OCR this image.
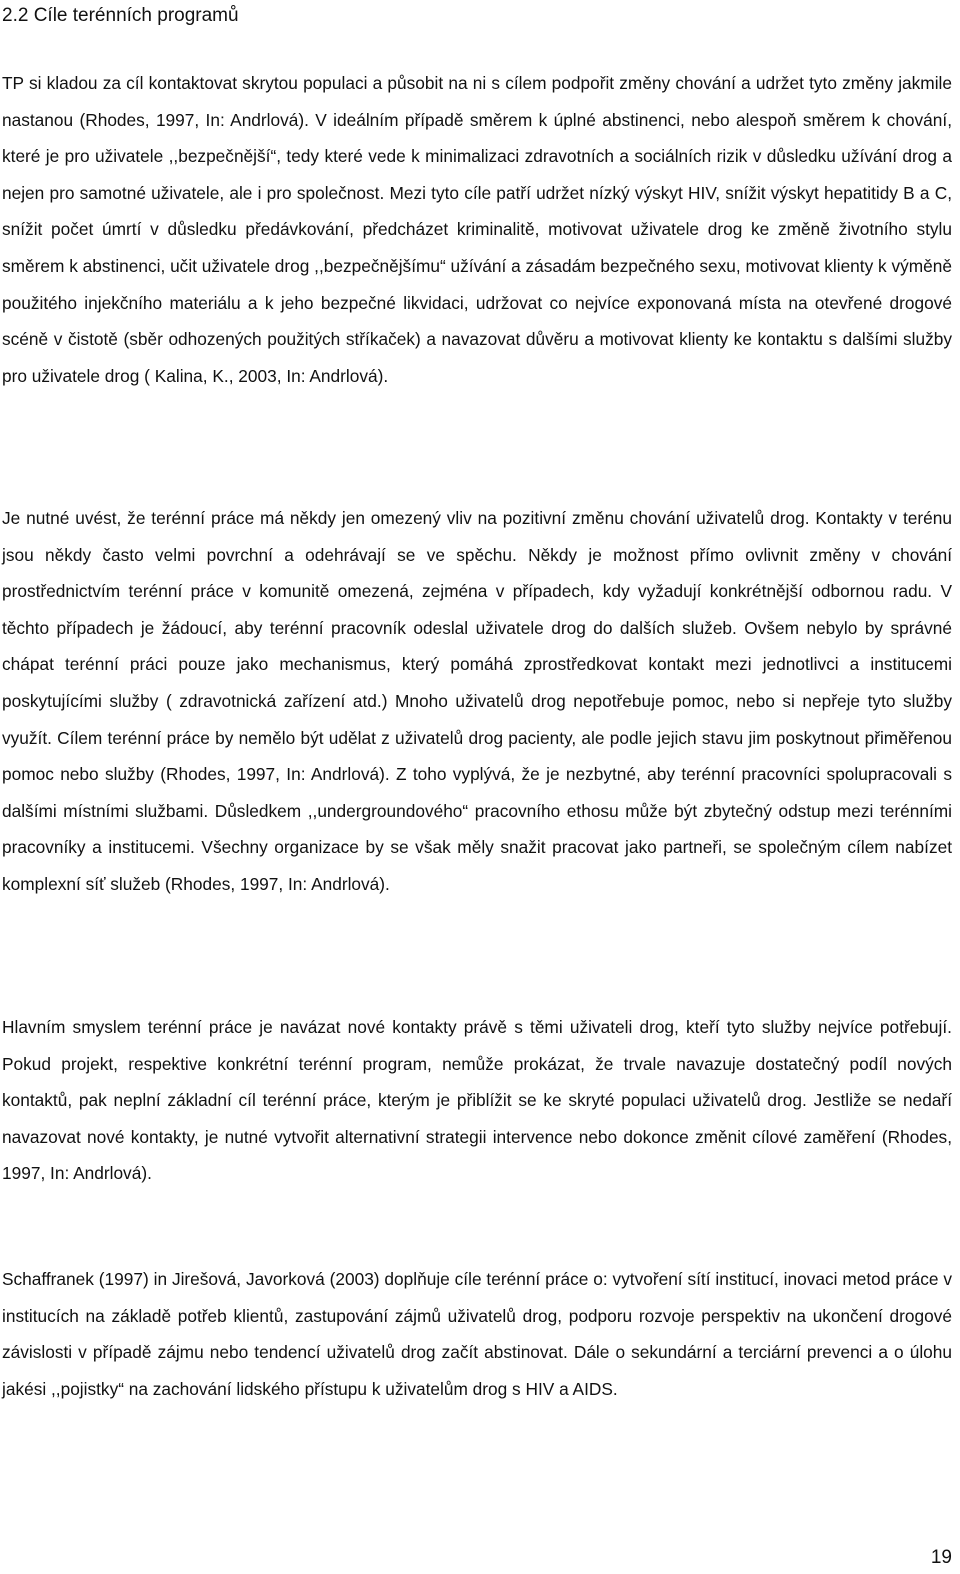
2.2 Cíle terénních programů

TP si kladou za cíl kontaktovat skrytou populaci a působit na ni s cílem podpořit změny chování a udržet tyto změny jakmile nastanou (Rhodes, 1997, In: Andrlová). V ideálním případě směrem k úplné abstinenci, nebo alespoň směrem k chování, které je pro uživatele ,,bezpečnější“, tedy které vede k minimalizaci zdravotních a sociálních rizik v důsledku užívání drog a nejen pro samotné uživatele, ale i pro společnost. Mezi tyto cíle patří udržet nízký výskyt HIV, snížit výskyt hepatitidy B a C, snížit počet úmrtí v důsledku předávkování, předcházet kriminalitě, motivovat uživatele drog ke změně životního stylu směrem k abstinenci, učit uživatele drog ,,bezpečnějšímu“ užívání a zásadám bezpečného sexu, motivovat klienty k výměně použitého injekčního materiálu a k jeho bezpečné likvidaci, udržovat co nejvíce exponovaná místa na otevřené drogové scéně v čistotě (sběr odhozených použitých stříkaček) a navazovat důvěru a motivovat klienty ke kontaktu s dalšími služby pro uživatele drog ( Kalina, K., 2003, In: Andrlová).

Je nutné uvést, že terénní práce má někdy jen omezený vliv na pozitivní změnu chování uživatelů drog. Kontakty v terénu jsou někdy často velmi povrchní a odehrávají se ve spěchu. Někdy je možnost přímo ovlivnit změny v chování prostřednictvím terénní práce v komunitě omezená, zejména v případech, kdy vyžadují konkrétnější odbornou radu. V těchto případech je žádoucí, aby terénní pracovník odeslal uživatele drog do dalších služeb. Ovšem nebylo by správné chápat terénní práci pouze jako mechanismus, který pomáhá zprostředkovat kontakt mezi jednotlivci a institucemi poskytujícími služby ( zdravotnická zařízení atd.) Mnoho uživatelů drog nepotřebuje pomoc, nebo si nepřeje tyto služby využít. Cílem terénní práce by nemělo být udělat z uživatelů drog pacienty, ale podle jejich stavu jim poskytnout přiměřenou pomoc nebo služby (Rhodes, 1997, In: Andrlová). Z toho vyplývá, že je nezbytné, aby terénní pracovníci spolupracovali s dalšími místními službami. Důsledkem ,,undergroundového“ pracovního ethosu může být zbytečný odstup mezi terénními pracovníky a institucemi. Všechny organizace by se však měly snažit pracovat jako partneři, se společným cílem nabízet komplexní síť služeb (Rhodes, 1997, In: Andrlová).

Hlavním smyslem terénní práce je navázat nové kontakty právě s těmi uživateli drog, kteří tyto služby nejvíce potřebují. Pokud projekt, respektive konkrétní terénní program, nemůže prokázat, že trvale navazuje dostatečný podíl nových kontaktů, pak neplní základní cíl terénní práce, kterým je přiblížit se ke skryté populaci uživatelů drog. Jestliže se nedaří navazovat nové kontakty, je nutné vytvořit alternativní strategii intervence nebo dokonce změnit cílové zaměření (Rhodes, 1997, In: Andrlová).

Schaffranek (1997) in Jirešová, Javorková (2003) doplňuje cíle terénní práce o: vytvoření sítí institucí, inovaci metod práce v institucích na základě potřeb klientů, zastupování zájmů uživatelů drog, podporu rozvoje perspektiv na ukončení drogové závislosti v případě zájmu nebo tendencí uživatelů drog začít abstinovat. Dále o sekundární a terciární prevenci a o úlohu jakési ,,pojistky“ na zachování lidského přístupu k uživatelům drog s HIV a AIDS.

19
